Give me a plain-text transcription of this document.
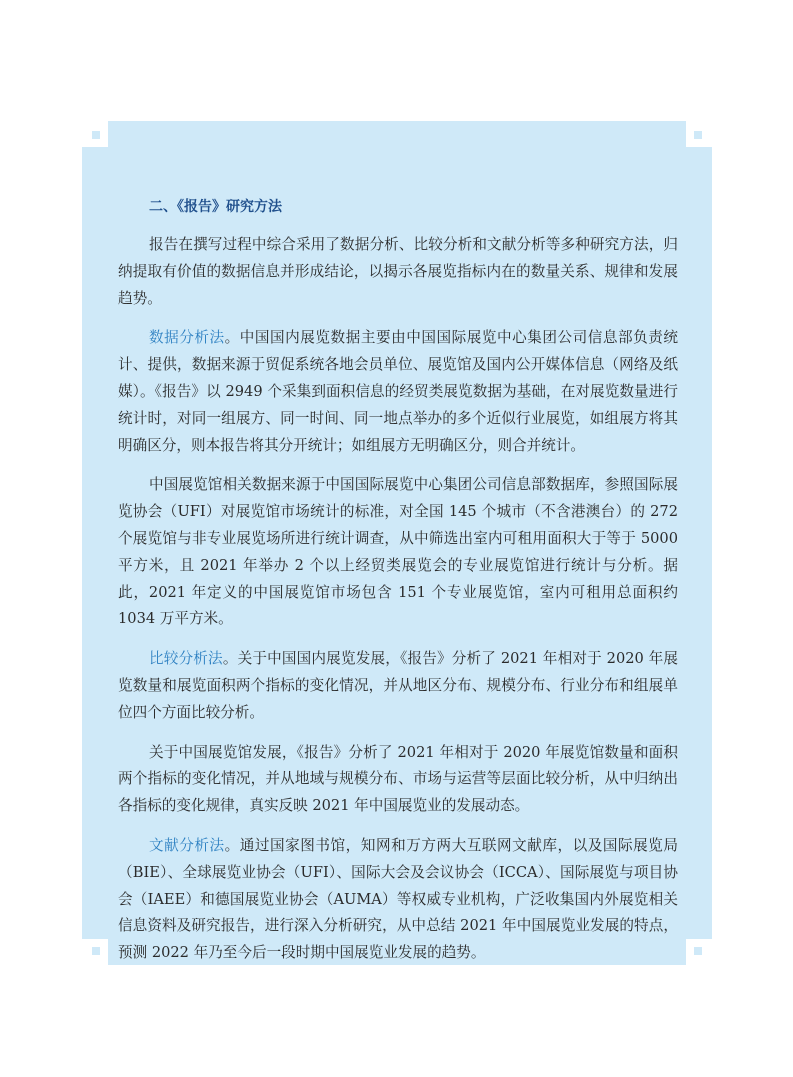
二、《报告》研究方法

报告在撰写过程中综合采用了数据分析、比较分析和文献分析等多种研究方法，归纳提取有价值的数据信息并形成结论，以揭示各展览指标内在的数量关系、规律和发展趋势。

数据分析法。中国国内展览数据主要由中国国际展览中心集团公司信息部负责统计、提供，数据来源于贸促系统各地会员单位、展览馆及国内公开媒体信息（网络及纸媒）。《报告》以 2949 个采集到面积信息的经贸类展览数据为基础，在对展览数量进行统计时，对同一组展方、同一时间、同一地点举办的多个近似行业展览，如组展方将其明确区分，则本报告将其分开统计；如组展方无明确区分，则合并统计。

中国展览馆相关数据来源于中国国际展览中心集团公司信息部数据库，参照国际展览协会（UFI）对展览馆市场统计的标准，对全国 145 个城市（不含港澳台）的 272 个展览馆与非专业展览场所进行统计调查，从中筛选出室内可租用面积大于等于 5000 平方米，且 2021 年举办 2 个以上经贸类展览会的专业展览馆进行统计与分析。据此，2021 年定义的中国展览馆市场包含 151 个专业展览馆，室内可租用总面积约 1034 万平方米。

比较分析法。关于中国国内展览发展，《报告》分析了 2021 年相对于 2020 年展览数量和展览面积两个指标的变化情况，并从地区分布、规模分布、行业分布和组展单位四个方面比较分析。

关于中国展览馆发展，《报告》分析了 2021 年相对于 2020 年展览馆数量和面积两个指标的变化情况，并从地域与规模分布、市场与运营等层面比较分析，从中归纳出各指标的变化规律，真实反映 2021 年中国展览业的发展动态。

文献分析法。通过国家图书馆，知网和万方两大互联网文献库，以及国际展览局（BIE）、全球展览业协会（UFI）、国际大会及会议协会（ICCA）、国际展览与项目协会（IAEE）和德国展览业协会（AUMA）等权威专业机构，广泛收集国内外展览相关信息资料及研究报告，进行深入分析研究，从中总结 2021 年中国展览业发展的特点，预测 2022 年乃至今后一段时期中国展览业发展的趋势。
